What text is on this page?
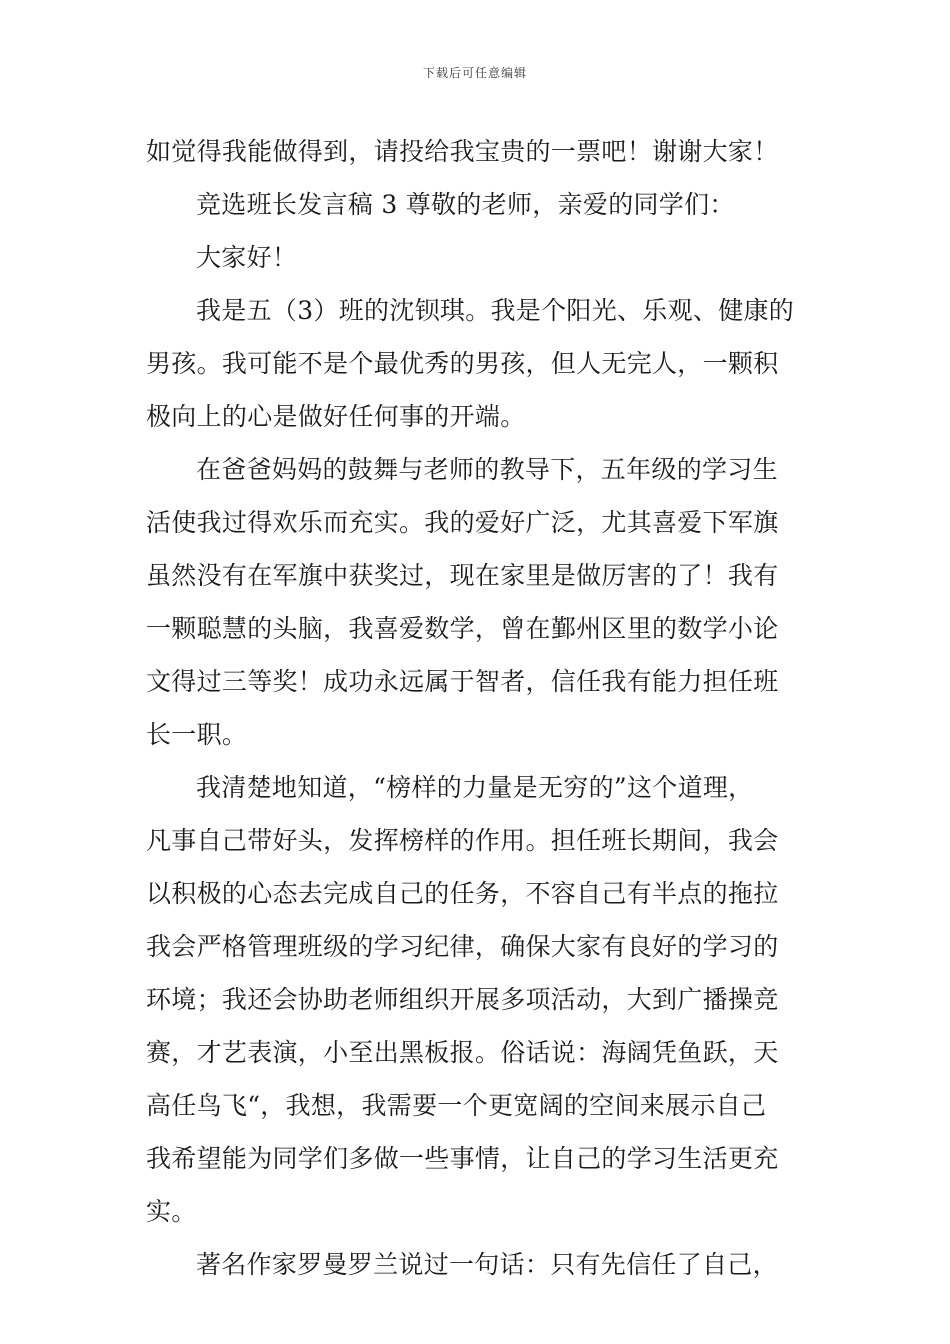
下载后可任意编辑
如觉得我能做得到，请投给我宝贵的一票吧！谢谢大家！
竞选班长发言稿 3 尊敬的老师，亲爱的同学们：
大家好！
我是五（3）班的沈钡琪。我是个阳光、乐观、健康的
男孩。我可能不是个最优秀的男孩，但人无完人，一颗积
极向上的心是做好任何事的开端。
在爸爸妈妈的鼓舞与老师的教导下，五年级的学习生
活使我过得欢乐而充实。我的爱好广泛，尤其喜爱下军旗
虽然没有在军旗中获奖过，现在家里是做厉害的了！我有
一颗聪慧的头脑，我喜爱数学，曾在鄞州区里的数学小论
文得过三等奖！成功永远属于智者，信任我有能力担任班
长一职。
我清楚地知道，“榜样的力量是无穷的”这个道理，
凡事自己带好头，发挥榜样的作用。担任班长期间，我会
以积极的心态去完成自己的任务，不容自己有半点的拖拉
我会严格管理班级的学习纪律，确保大家有良好的学习的
环境；我还会协助老师组织开展多项活动，大到广播操竞
赛，才艺表演，小至出黑板报。俗话说：海阔凭鱼跃，天
高任鸟飞“，我想，我需要一个更宽阔的空间来展示自己
我希望能为同学们多做一些事情，让自己的学习生活更充
实。
著名作家罗曼罗兰说过一句话：只有先信任了自己，
